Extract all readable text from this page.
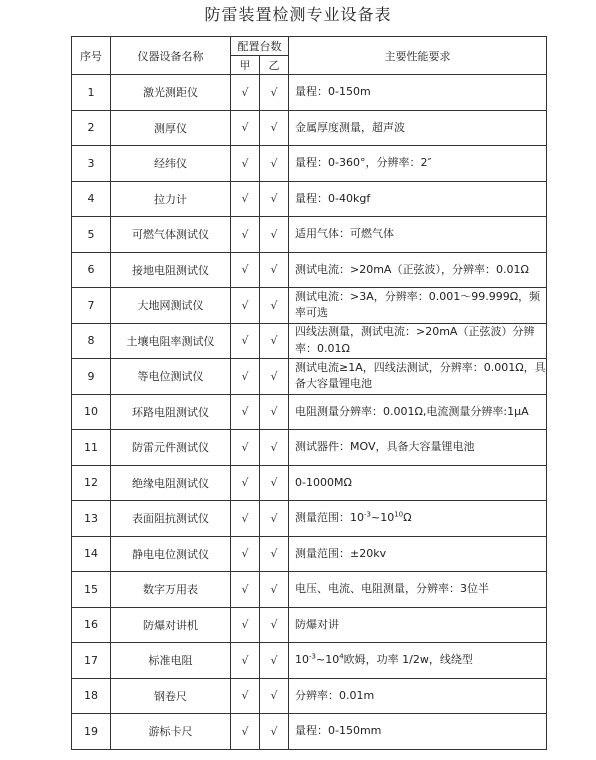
防雷装置检测专业设备表
序号	仪器设备名称	配置台数		主要性能要求
		甲	乙	
1	激光测距仪	√	√	量程：0-150m
2	测厚仪	√	√	金属厚度测量，超声波
3	经纬仪	√	√	量程：0-360°，分辨率：2″
4	拉力计	√	√	量程：0-40kgf
5	可燃气体测试仪	√	√	适用气体：可燃气体
6	接地电阻测试仪	√	√	测试电流：>20mA（正弦波），分辨率：0.01Ω
7	大地网测试仪	√	√	测试电流：>3A，分辨率：0.001～99.999Ω，频率可选
8	土壤电阻率测试仪	√	√	四线法测量，测试电流：>20mA（正弦波）分辨率：0.01Ω
9	等电位测试仪	√	√	测试电流≥1A，四线法测试，分辨率：0.001Ω，具备大容量锂电池
10	环路电阻测试仪	√	√	电阻测量分辨率：0.001Ω,电流测量分辨率:1μA
11	防雷元件测试仪	√	√	测试器件：MOV，具备大容量锂电池
12	绝缘电阻测试仪	√	√	0-1000MΩ
13	表面阻抗测试仪	√	√	测量范围：$10^{-3}\sim 10^{10}\Omega$
14	静电电位测试仪	√	√	测量范围：±20kv
15	数字万用表	√	√	电压、电流、电阻测量，分辨率：3位半
16	防爆对讲机	√	√	防爆对讲
17	标准电阻	√	√	$10^{-3}\sim 10^4$欧姆，功率 1/2w，线绕型
18	钢卷尺	√	√	分辨率：0.01m
19	游标卡尺	√	√	量程：0-150mm
